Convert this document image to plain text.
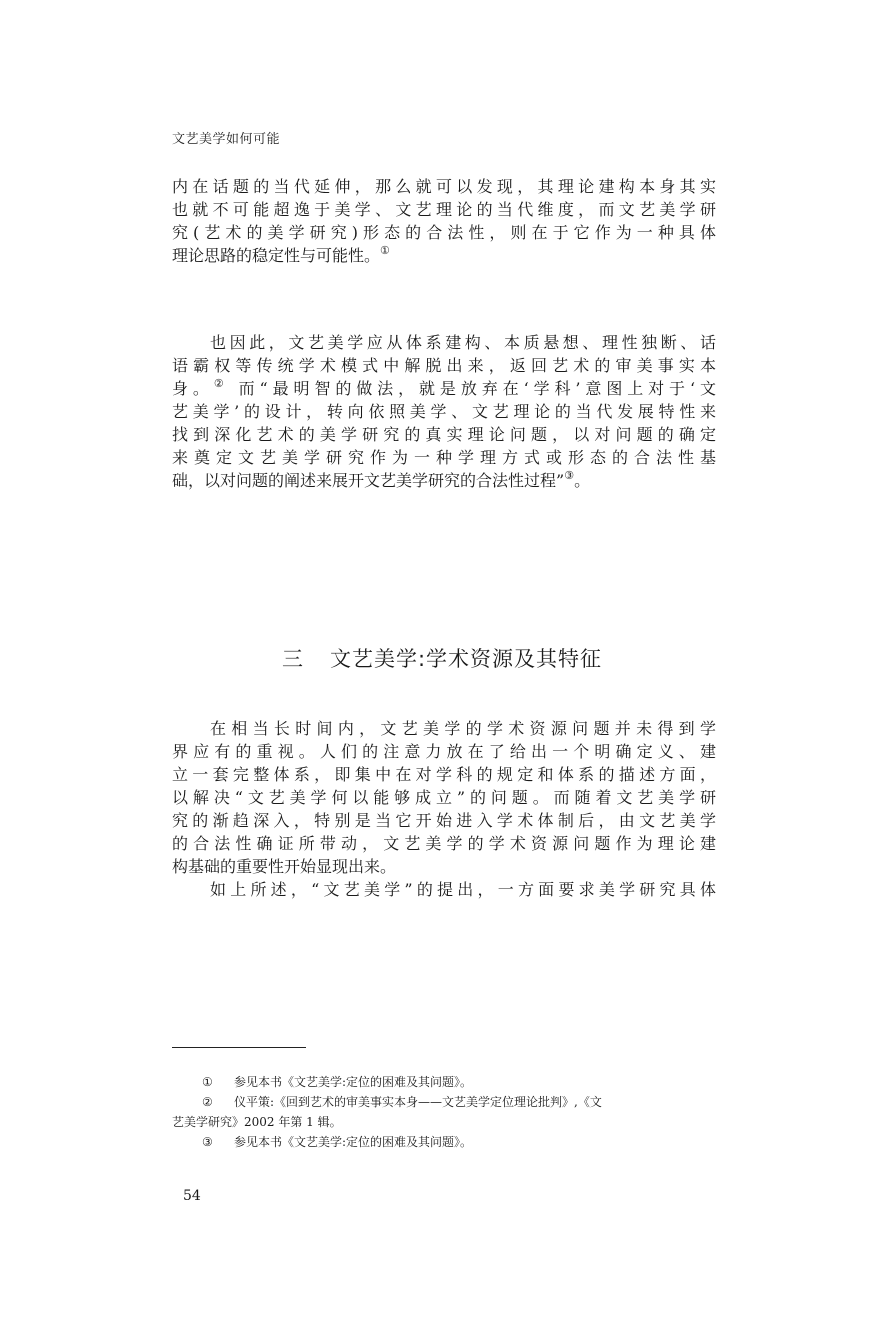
文艺美学如何可能
内在话题的当代延伸，那么就可以发现，其理论建构本身其实
也就不可能超逸于美学、文艺理论的当代维度，而文艺美学研
究(艺术的美学研究)形态的合法性，则在于它作为一种具体
理论思路的稳定性与可能性。①
也因此，文艺美学应从体系建构、本质悬想、理性独断、话
语霸权等传统学术模式中解脱出来，返回艺术的审美事实本
身。② 而“最明智的做法，就是放弃在‘学科’意图上对于‘文
艺美学’的设计，转向依照美学、文艺理论的当代发展特性来
找到深化艺术的美学研究的真实理论问题，以对问题的确定
来奠定文艺美学研究作为一种学理方式或形态的合法性基
础，以对问题的阐述来展开文艺美学研究的合法性过程”③。
三 文艺美学:学术资源及其特征
在相当长时间内，文艺美学的学术资源问题并未得到学
界应有的重视。人们的注意力放在了给出一个明确定义、建
立一套完整体系，即集中在对学科的规定和体系的描述方面，
以解决“文艺美学何以能够成立”的问题。而随着文艺美学研
究的渐趋深入，特别是当它开始进入学术体制后，由文艺美学
的合法性确证所带动，文艺美学的学术资源问题作为理论建
构基础的重要性开始显现出来。
如上所述，“文艺美学”的提出，一方面要求美学研究具体
① 参见本书《文艺美学:定位的困难及其问题》。
② 仪平策:《回到艺术的审美事实本身——文艺美学定位理论批判》,《文
艺美学研究》2002 年第 1 辑。
③ 参见本书《文艺美学:定位的困难及其问题》。
54
